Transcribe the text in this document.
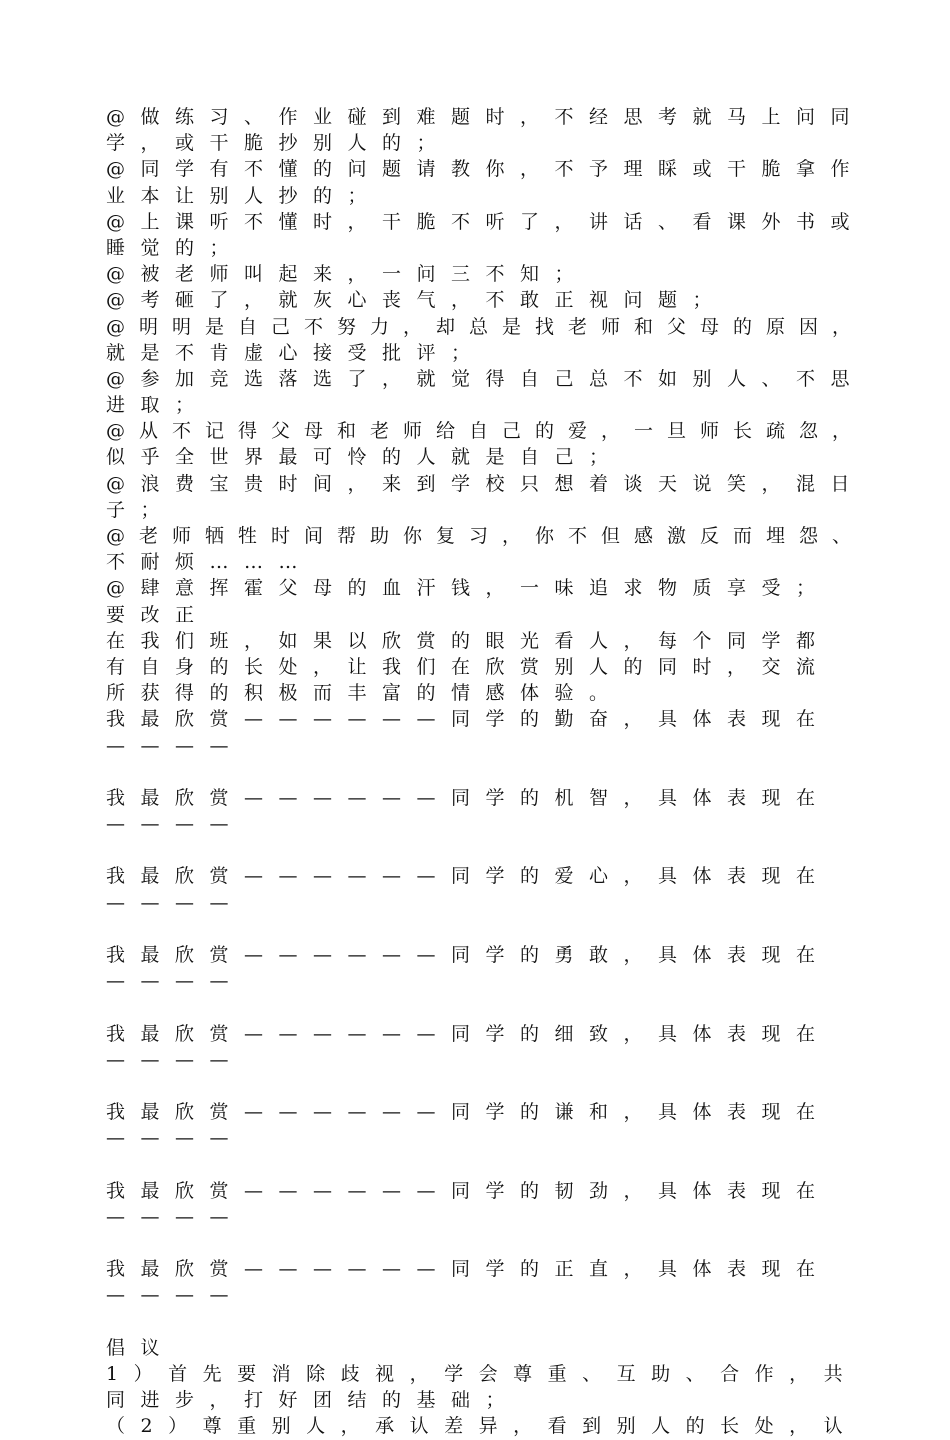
@做练习、作业碰到难题时，不经思考就马上问同
学，或干脆抄别人的；
@同学有不懂的问题请教你，不予理睬或干脆拿作
业本让别人抄的；
@上课听不懂时，干脆不听了，讲话、看课外书或
睡觉的；
@被老师叫起来，一问三不知；
@考砸了，就灰心丧气，不敢正视问题；
@明明是自己不努力，却总是找老师和父母的原因，
就是不肯虚心接受批评；
@参加竞选落选了，就觉得自己总不如别人、不思
进取；
@从不记得父母和老师给自己的爱，一旦师长疏忽，
似乎全世界最可怜的人就是自己；
@浪费宝贵时间，来到学校只想着谈天说笑，混日
子；
@老师牺牲时间帮助你复习，你不但感激反而埋怨、
不耐烦………
@肆意挥霍父母的血汗钱，一味追求物质享受；
要改正
在我们班，如果以欣赏的眼光看人，每个同学都
有自身的长处，让我们在欣赏别人的同时，交流
所获得的积极而丰富的情感体验。
我最欣赏——————同学的勤奋，具体表现在
————
我最欣赏——————同学的机智，具体表现在
————
我最欣赏——————同学的爱心，具体表现在
————
我最欣赏——————同学的勇敢，具体表现在
————
我最欣赏——————同学的细致，具体表现在
————
我最欣赏——————同学的谦和，具体表现在
————
我最欣赏——————同学的韧劲，具体表现在
————
我最欣赏——————同学的正直，具体表现在
————
倡议
1）首先要消除歧视，学会尊重、互助、合作，共
同进步，打好团结的基础；
（2）尊重别人，承认差异，看到别人的长处，认
